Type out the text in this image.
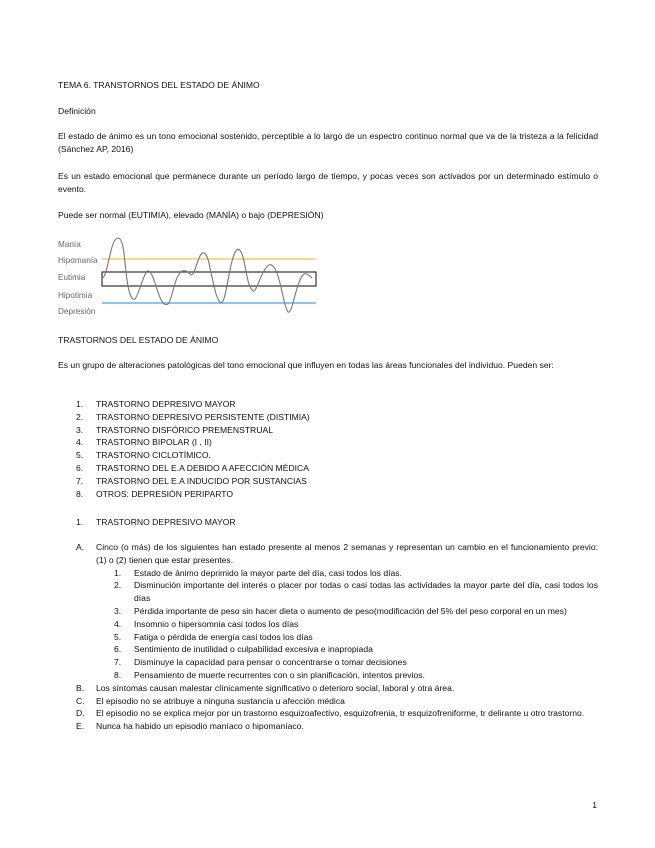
TEMA 6. TRANSTORNOS DEL ESTADO DE ÁNIMO

Definición

El estado de ánimo es un tono emocional sostenido, perceptible a lo largo de un espectro continuo normal que va de la tristeza a la felicidad (Sánchez AP, 2016)

Es un estado emocional que permanece durante un período largo de tiempo, y pocas veces son activados por un determinado estímulo o evento.

Puede ser normal (EUTIMIA), elevado (MANÍA) o bajo (DEPRESIÓN)

Manía
Hipomanía
Eutimia
Hipotimia
Depresión

TRASTORNOS DEL ESTADO DE ÁNIMO

Es un grupo de alteraciones patológicas del tono emocional que influyen en todas las áreas funcionales del individuo. Pueden ser:

1. TRASTORNO DEPRESIVO MAYOR
2. TRASTORNO DEPRESIVO PERSISTENTE (DISTIMIA)
3. TRASTORNO DISFÓRICO PREMENSTRUAL
4. TRASTORNO BIPOLAR (I , II)
5. TRASTORNO CICLOTÍMICO.
6. TRASTORNO DEL E.A DEBIDO A AFECCIÓN MÉDICA
7. TRASTORNO DEL E.A INDUCIDO POR SUSTANCIAS
8. OTROS: DEPRESIÓN PERIPARTO
1. TRASTORNO DEPRESIVO MAYOR
A. Cinco (o más) de los siguientes han estado presente al menos 2 semanas y representan un cambio en el funcionamiento previo: (1) o (2) tienen que estar presentes.
1. Estado de ánimo deprimido la mayor parte del día, casi todos los días.
2. Disminución importante del interés o placer por todas o casi todas las actividades la mayor parte del día, casi todos los días
3. Pérdida importante de peso sin hacer dieta o aumento de peso(modificación del 5% del peso corporal en un mes)
4. Insomnio o hipersomnia casi todos los días
5. Fatiga o pérdida de energía casi todos los días
6. Sentimiento de inutilidad o culpabilidad excesiva e inapropiada
7. Disminuye la capacidad para pensar o concentrarse o tomar decisiones
8. Pensamiento de muerte recurrentes con o sin planificación, intentos previos.
B. Los síntomas causan malestar clínicamente significativo o deterioro social, laboral y otra área.
C. El episodio no se atribuye a ninguna sustancia u afección médica
D. El episodio no se explica mejor por un trastorno esquizoafectivo, esquizofrenia, tr esquizofreniforme, tr delirante u otro trastorno.
E. Nunca ha habido un episodio maníaco o hipomaníaco.
1
